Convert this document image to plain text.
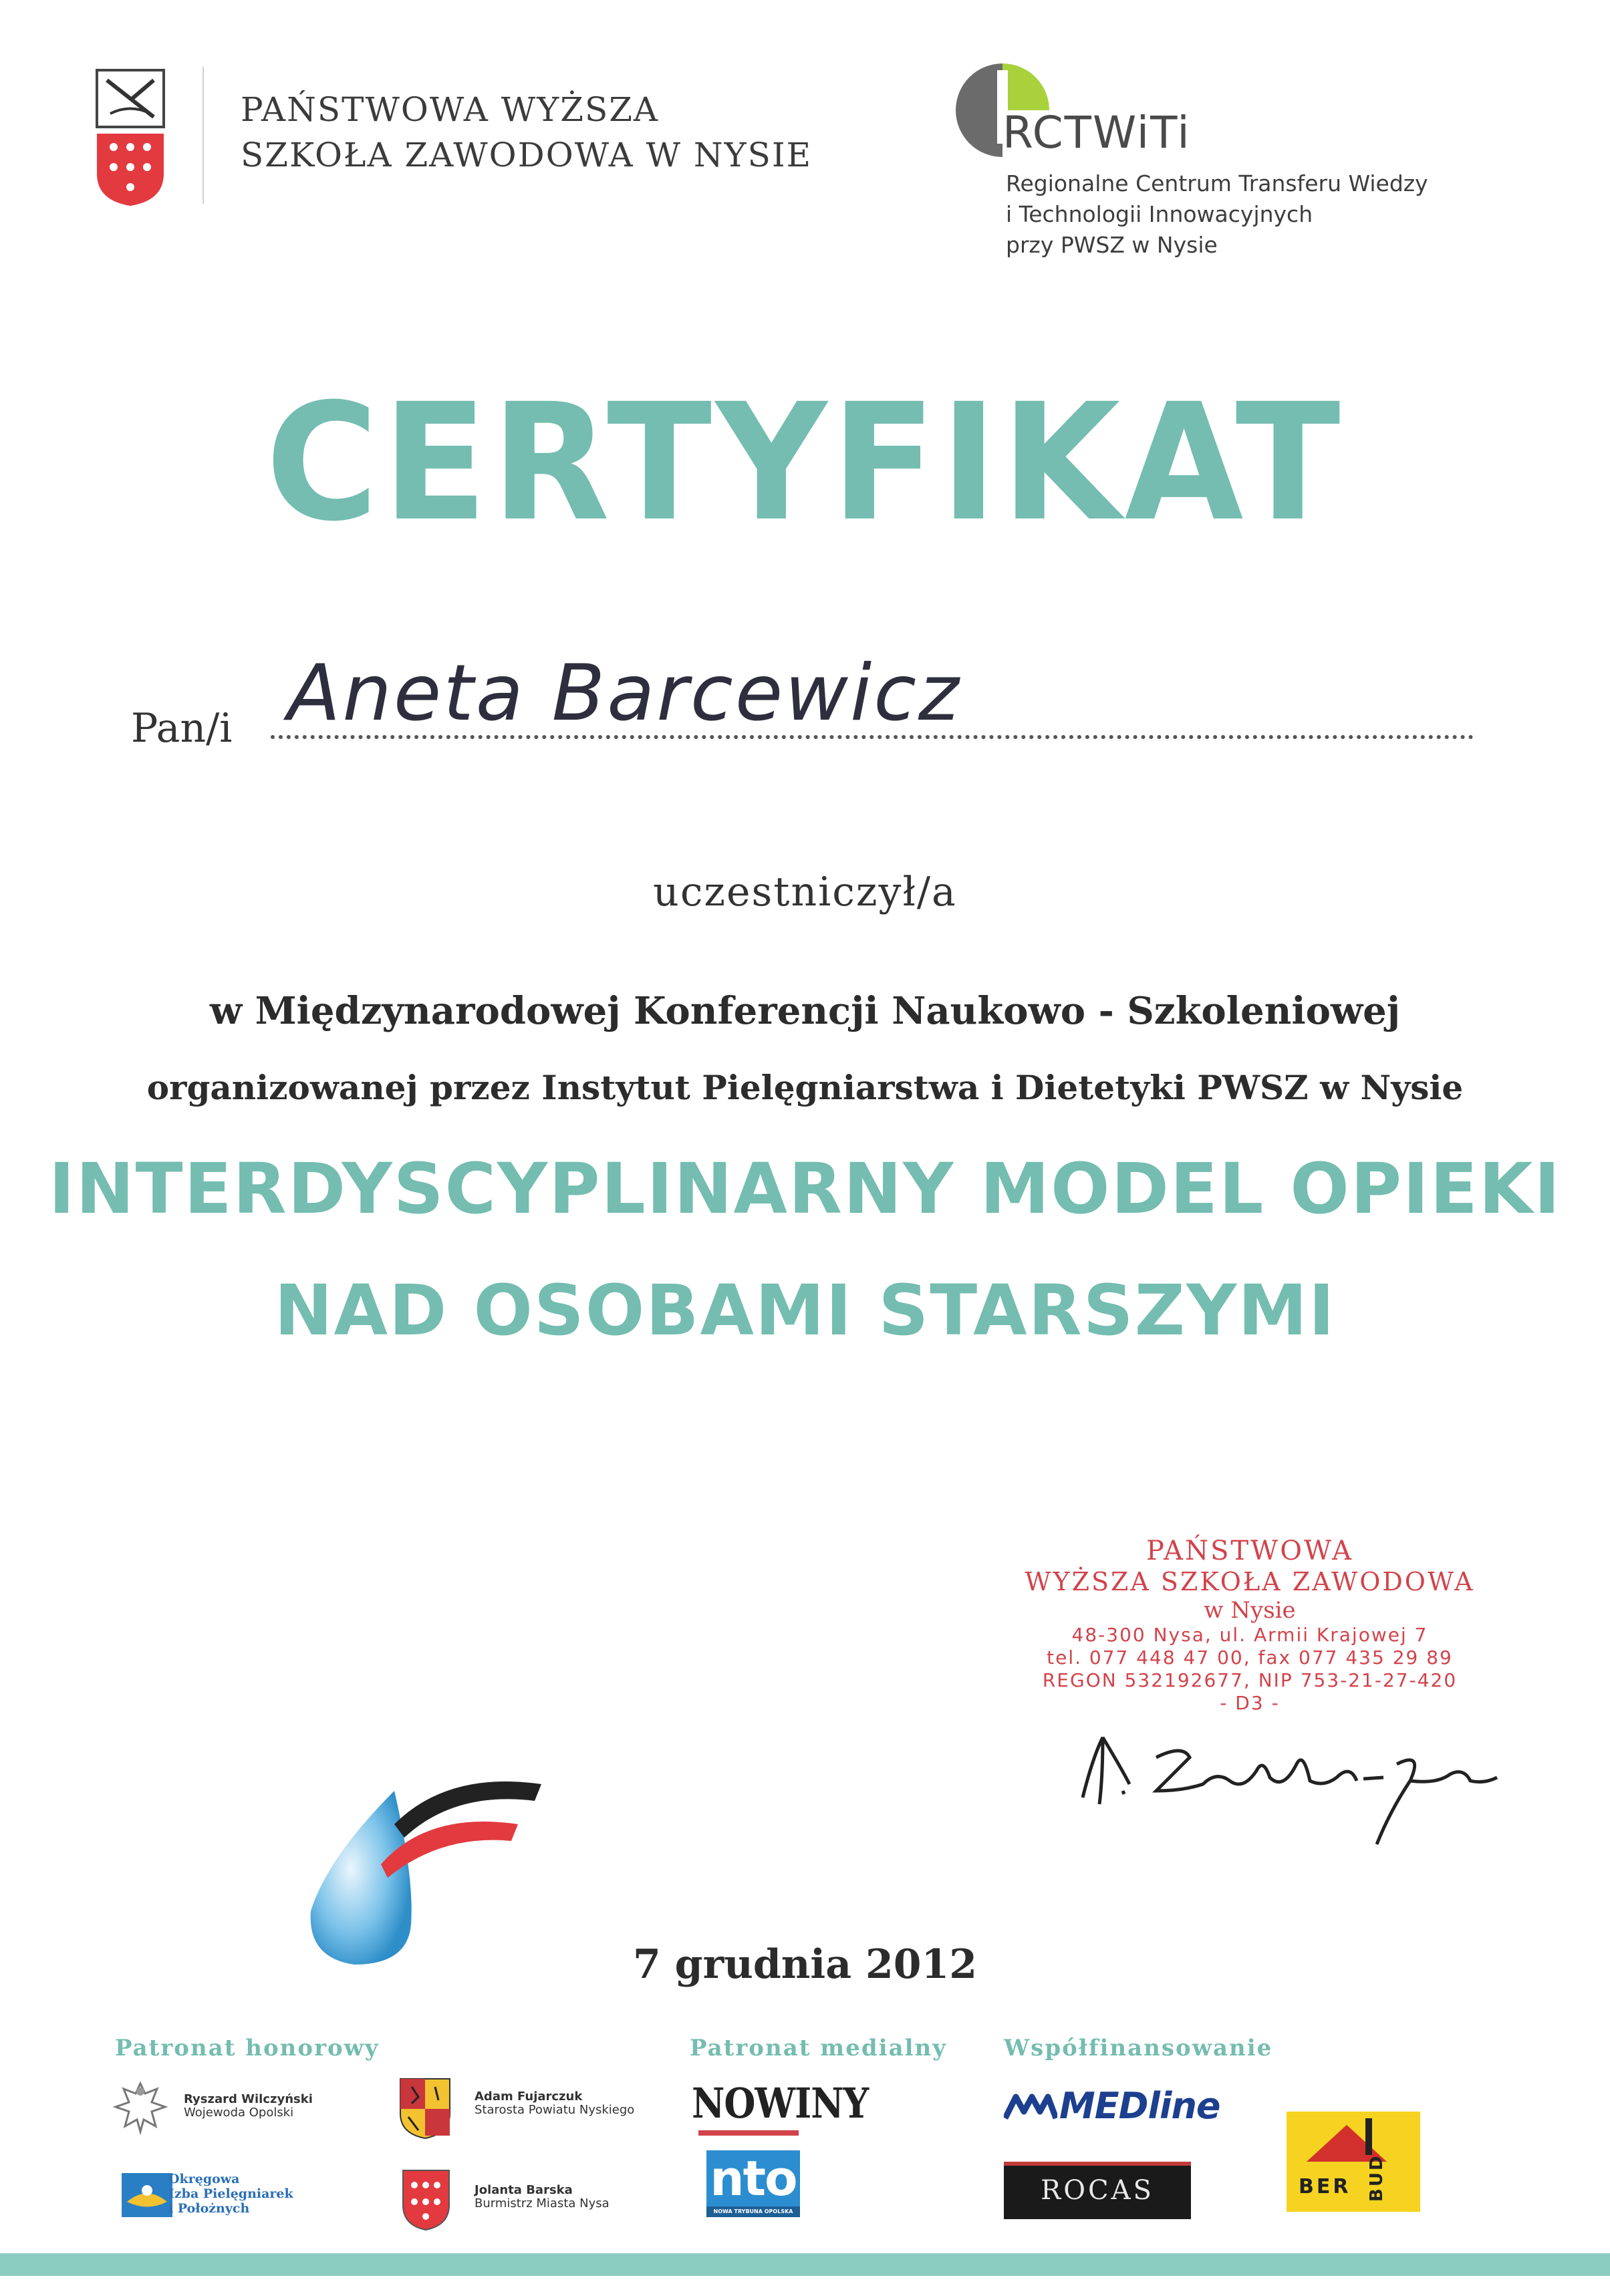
PAŃSTWOWA WYŻSZA
SZKOŁA ZAWODOWA W NYSIE	RCTWiTi
Regionalne Centrum Transferu Wiedzy
i Technologii Innowacyjnych
przy PWSZ w Nysie
CERTYFIKAT
Pan/i Aneta Barcewicz
uczestniczył/a
w Międzynarodowej Konferencji Naukowo - Szkoleniowej
organizowanej przez Instytut Pielęgniarstwa i Dietetyki PWSZ w Nysie
INTERDYSCYPLINARNY MODEL OPIEKI
NAD OSOBAMI STARSZYMI
PAŃSTWOWA
WYŻSZA SZKOŁA ZAWODOWA
w Nysie
48-300 Nysa, ul. Armii Krajowej 7
tel. 077 448 47 00, fax 077 435 29 89
REGON 532192677, NIP 753-21-27-420
- D3 -
7 grudnia 2012
Patronat honorowy	Patronat medialny	Współfinansowanie
Ryszard Wilczyński
Wojewoda Opolski
Adam Fujarczuk
Starosta Powiatu Nyskiego
Okręgowa
Izba Pielęgniarek
i Położnych
Jolanta Barska
Burmistrz Miasta Nysa
NOWINY
nto
NOWA TRYBUNA OPOLSKA
MEDline
ROCAS	BER BUD
